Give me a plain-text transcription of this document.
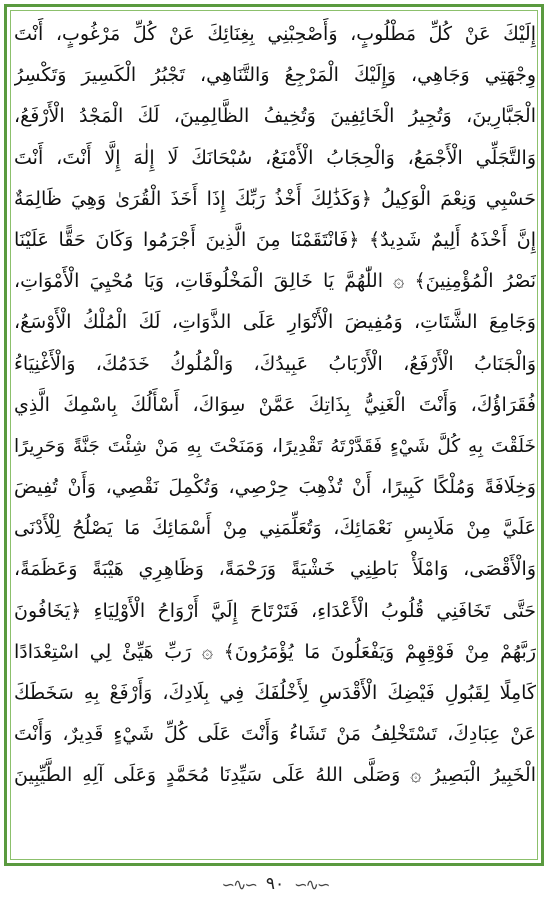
إِلَيْكَ عَنْ كُلِّ مَطْلُوبٍ، وَأَصْحِبْنِي بِغِنَائِكَ عَنْ كُلِّ مَرْغُوبٍ، أَنْتَ
وِجْهَتِي وَجَاهِي، وَإِلَيْكَ الْمَرْجِعُ وَالتَّنَاهِي، تَجْبُرُ الْكَسِيرَ وَتَكْسِرُ
الْجَبَّارِينَ، وَتُجِيرُ الْخَائِفِينَ وَتُخِيفُ الظَّالِمِينَ، لَكَ الْمَجْدُ الْأَرْفَعُ،
وَالتَّجَلِّي الْأَجْمَعُ، وَالْحِجَابُ الْأَمْنَعُ، سُبْحَانَكَ لَا إِلٰهَ إِلَّا أَنْتَ، أَنْتَ
حَسْبِي وَنِعْمَ الْوَكِيلُ ﴿وَكَذَٰلِكَ أَخْذُ رَبِّكَ إِذَا أَخَذَ الْقُرَىٰ وَهِيَ ظَالِمَةٌ
إِنَّ أَخْذَهُ أَلِيمٌ شَدِيدٌ﴾ ﴿فَانْتَقَمْنَا مِنَ الَّذِينَ أَجْرَمُوا وَكَانَ حَقًّا عَلَيْنَا
نَصْرُ الْمُؤْمِنِينَ﴾ ۞ اللّٰهُمَّ يَا خَالِقَ الْمَخْلُوقَاتِ، وَيَا مُحْيِيَ الْأَمْوَاتِ،
وَجَامِعَ الشَّتَاتِ، وَمُفِيضَ الْأَنْوَارِ عَلَى الذَّوَاتِ، لَكَ الْمُلْكُ الْأَوْسَعُ،
وَالْجَنَابُ الْأَرْفَعُ، الْأَرْبَابُ عَبِيدُكَ، وَالْمُلُوكُ خَدَمُكَ، وَالْأَغْنِيَاءُ
فُقَرَاؤُكَ، وَأَنْتَ الْغَنِيُّ بِذَاتِكَ عَمَّنْ سِوَاكَ، أَسْأَلُكَ بِاسْمِكَ الَّذِي
خَلَقْتَ بِهِ كُلَّ شَيْءٍ فَقَدَّرْتَهُ تَقْدِيرًا، وَمَنَحْتَ بِهِ مَنْ شِئْتَ جَنَّةً وَحَرِيرًا
وَخِلَافَةً وَمُلْكًا كَبِيرًا، أَنْ تُذْهِبَ حِرْصِي، وَتُكْمِلَ نَقْصِي، وَأَنْ تُفِيضَ
عَلَيَّ مِنْ مَلَابِسِ نَعْمَائِكَ، وَتُعَلِّمَنِي مِنْ أَسْمَائِكَ مَا يَصْلُحُ لِلْأَدْنَى
وَالْأَقْصَى، وَامْلَأْ بَاطِنِي خَشْيَةً وَرَحْمَةً، وَظَاهِرِي هَيْبَةً وَعَظَمَةً،
حَتَّى تَخَافَنِي قُلُوبُ الْأَعْدَاءِ، فَتَرْتَاحَ إِلَيَّ أَرْوَاحُ الْأَوْلِيَاءِ ﴿يَخَافُونَ
رَبَّهُمْ مِنْ فَوْقِهِمْ وَيَفْعَلُونَ مَا يُؤْمَرُونَ﴾ ۞ رَبِّ هَيِّئْ لِي اسْتِعْدَادًا
كَامِلًا لِقَبُولِ فَيْضِكَ الْأَقْدَسِ لِأَخْلُفَكَ فِي بِلَادِكَ، وَأَرْفَعْ بِهِ سَخَطَكَ
عَنْ عِبَادِكَ، تَسْتَخْلِفُ مَنْ تَشَاءُ وَأَنْتَ عَلَى كُلِّ شَيْءٍ قَدِيرٌ، وَأَنْتَ
الْخَبِيرُ الْبَصِيرُ ۞ وَصَلَّى اللهُ عَلَى سَيِّدِنَا مُحَمَّدٍ وَعَلَى آلِهِ الطَّيِّبِينَ
∽∿∽ ٩٠ ∽∿∽
